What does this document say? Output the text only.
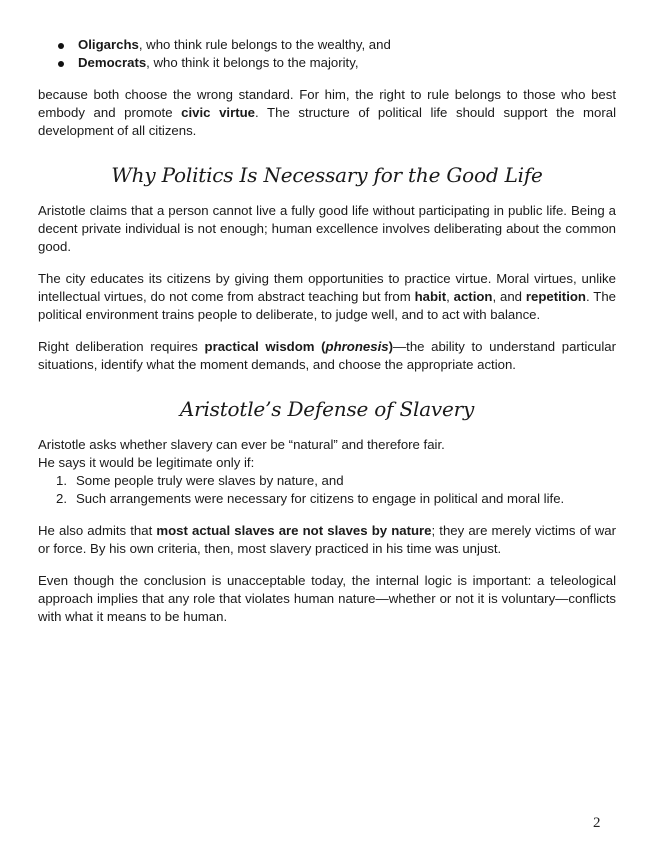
Oligarchs, who think rule belongs to the wealthy, and
Democrats, who think it belongs to the majority,

because both choose the wrong standard. For him, the right to rule belongs to those who best embody and promote civic virtue. The structure of political life should support the moral development of all citizens.

Why Politics Is Necessary for the Good Life

Aristotle claims that a person cannot live a fully good life without participating in public life. Being a decent private individual is not enough; human excellence involves deliberating about the common good.

The city educates its citizens by giving them opportunities to practice virtue. Moral virtues, unlike intellectual virtues, do not come from abstract teaching but from habit, action, and repetition. The political environment trains people to deliberate, to judge well, and to act with balance.

Right deliberation requires practical wisdom (phronesis)—the ability to understand particular situations, identify what the moment demands, and choose the appropriate action.

Aristotle’s Defense of Slavery

Aristotle asks whether slavery can ever be “natural” and therefore fair.
He says it would be legitimate only if:

1. Some people truly were slaves by nature, and
2. Such arrangements were necessary for citizens to engage in political and moral life.

He also admits that most actual slaves are not slaves by nature; they are merely victims of war or force. By his own criteria, then, most slavery practiced in his time was unjust.

Even though the conclusion is unacceptable today, the internal logic is important: a teleological approach implies that any role that violates human nature—whether or not it is voluntary—conflicts with what it means to be human.

2
